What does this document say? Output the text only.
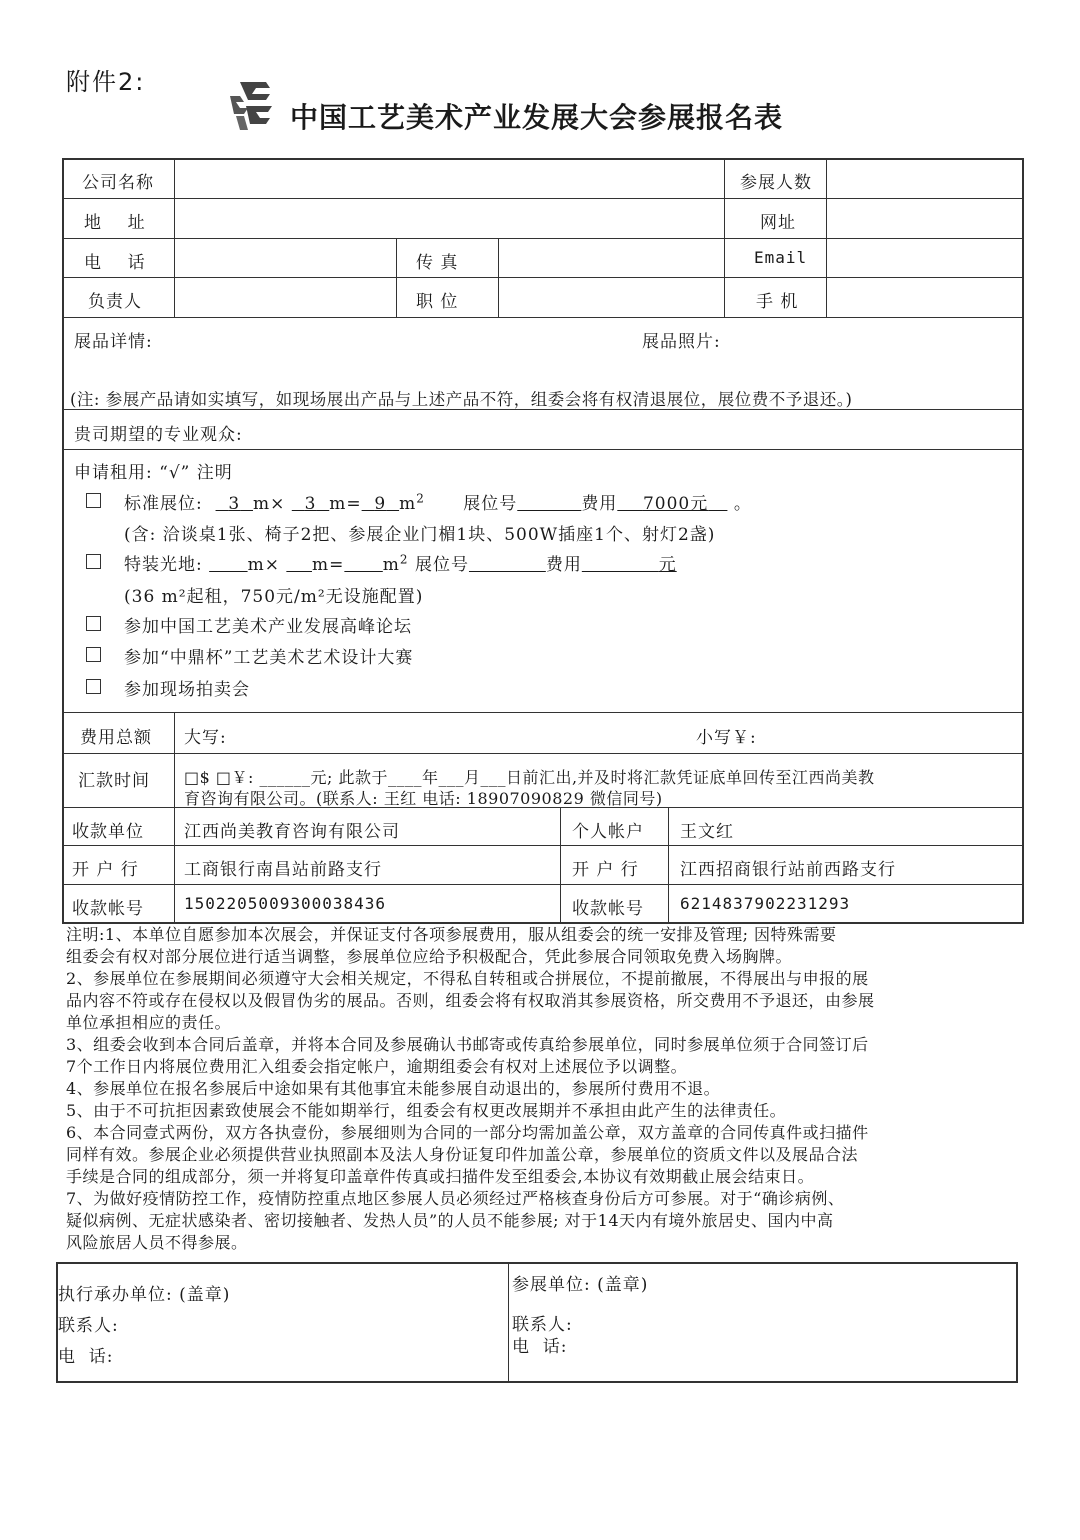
附件2:
中国工艺美术产业发展大会参展报名表
公司名称	参展人数
地    址	网址
电    话	传 真	Email
负责人	职 位	手 机
展品详情:	展品照片:
(注: 参展产品请如实填写，如现场展出产品与上述产品不符，组委会将有权清退展位，展位费不予退还。)
贵司期望的专业观众:
申请租用: “√” 注明
标准展位:    3 m× 3 m= 9 $m^2$ 展位号	费用 7000元 。
(含: 洽谈桌1张、椅子2把、参展企业门楣1块、500W插座1个、射灯2盏)
特装光地:       $m\times m= m^2$ 展位号	费用	元
(36 m²起租，750元/m²无设施配置)
参加中国工艺美术产业发展高峰论坛
参加“中鼎杯”工艺美术艺术设计大赛
参加现场拍卖会
费用总额 大写:	小写￥:
汇款时间 □$ □￥: ______元; 此款于____年___月___日前汇出,并及时将汇款凭证底单回传至江西尚美教
育咨询有限公司。(联系人: 王红 电话: 18907090829 微信同号)
收款单位 江西尚美教育咨询有限公司	个人帐户 王文红
开 户 行	工商银行南昌站前路支行	开 户 行 江西招商银行站前西路支行
收款帐号	1502205009300038436	收款帐号 6214837902231293
注明:1、本单位自愿参加本次展会，并保证支付各项参展费用，服从组委会的统一安排及管理; 因特殊需要
组委会有权对部分展位进行适当调整，参展单位应给予积极配合，凭此参展合同领取免费入场胸牌。
2、参展单位在参展期间必须遵守大会相关规定，不得私自转租或合拼展位，不提前撤展，不得展出与申报的展
品内容不符或存在侵权以及假冒伪劣的展品。否则，组委会将有权取消其参展资格，所交费用不予退还，由参展
单位承担相应的责任。
3、组委会收到本合同后盖章，并将本合同及参展确认书邮寄或传真给参展单位，同时参展单位须于合同签订后
7个工作日内将展位费用汇入组委会指定帐户，逾期组委会有权对上述展位予以调整。
4、参展单位在报名参展后中途如果有其他事宜未能参展自动退出的，参展所付费用不退。
5、由于不可抗拒因素致使展会不能如期举行，组委会有权更改展期并不承担由此产生的法律责任。
6、本合同壹式两份，双方各执壹份，参展细则为合同的一部分均需加盖公章，双方盖章的合同传真件或扫描件
同样有效。参展企业必须提供营业执照副本及法人身份证复印件加盖公章，参展单位的资质文件以及展品合法
手续是合同的组成部分，须一并将复印盖章件传真或扫描件发至组委会,本协议有效期截止展会结束日。
7、为做好疫情防控工作，疫情防控重点地区参展人员必须经过严格核查身份后方可参展。对于“确诊病例、
疑似病例、无症状感染者、密切接触者、发热人员”的人员不能参展; 对于14天内有境外旅居史、国内中高
风险旅居人员不得参展。
执行承办单位: (盖章)
联系人:
电  话:
参展单位: (盖章)
联系人:
电  话:
